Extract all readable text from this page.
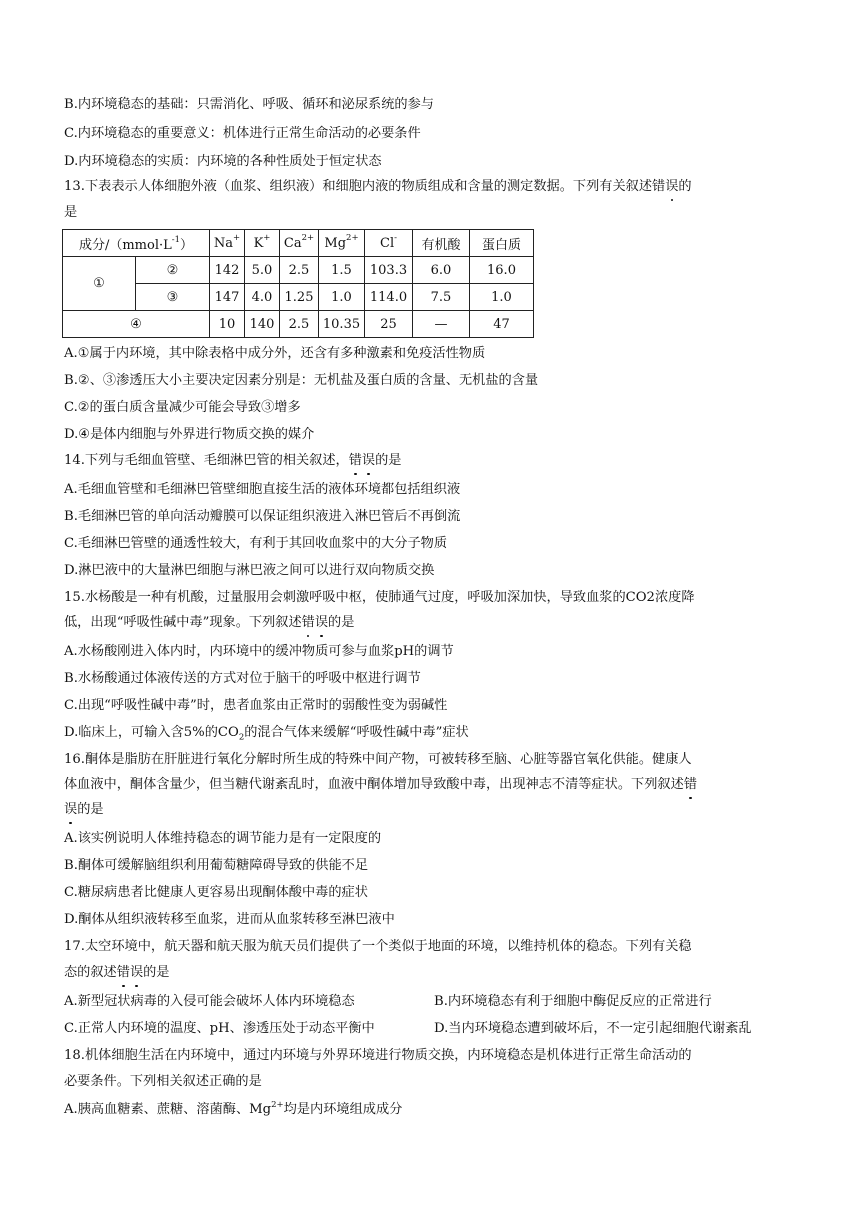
B.内环境稳态的基础：只需消化、呼吸、循环和泌尿系统的参与
C.内环境稳态的重要意义：机体进行正常生命活动的必要条件
D.内环境稳态的实质：内环境的各种性质处于恒定状态
13.下表表示人体细胞外液（血浆、组织液）和细胞内液的物质组成和含量的测定数据。下列有关叙述错误的
是
成分$/(mmol\cdot L^{-1})$		Na+	K+	$Ca^{2+}$	$Mg^{2+}$	Cl-	有机酸	蛋白质
①	②	142	5.0	2.5	1.5	103.3	6.0	16.0
	③	147	4.0	1.25	1.0	114.0	7.5	1.0
④		10	140	2.5	10.35	25	—	47
A.①属于内环境，其中除表格中成分外，还含有多种激素和免疫活性物质
B.②、③渗透压大小主要决定因素分别是：无机盐及蛋白质的含量、无机盐的含量
C.②的蛋白质含量减少可能会导致③增多
D.④是体内细胞与外界进行物质交换的媒介
14.下列与毛细血管壁、毛细淋巴管的相关叙述，错误的是
A.毛细血管壁和毛细淋巴管壁细胞直接生活的液体环境都包括组织液
B.毛细淋巴管的单向活动瓣膜可以保证组织液进入淋巴管后不再倒流
C.毛细淋巴管壁的通透性较大，有利于其回收血浆中的大分子物质
D.淋巴液中的大量淋巴细胞与淋巴液之间可以进行双向物质交换
15.水杨酸是一种有机酸，过量服用会刺激呼吸中枢，使肺通气过度，呼吸加深加快，导致血浆的CO2浓度降
低，出现“呼吸性碱中毒”现象。下列叙述错误的是
A.水杨酸刚进入体内时，内环境中的缓冲物质可参与血浆pH的调节
B.水杨酸通过体液传送的方式对位于脑干的呼吸中枢进行调节
C.出现“呼吸性碱中毒”时，患者血浆由正常时的弱酸性变为弱碱性
D.临床上，可输入含5%的$CO_2$的混合气体来缓解“呼吸性碱中毒”症状
16.酮体是脂肪在肝脏进行氧化分解时所生成的特殊中间产物，可被转移至脑、心脏等器官氧化供能。健康人
体血液中，酮体含量少，但当糖代谢紊乱时，血液中酮体增加导致酸中毒，出现神志不清等症状。下列叙述错
误的是
A.该实例说明人体维持稳态的调节能力是有一定限度的
B.酮体可缓解脑组织利用葡萄糖障碍导致的供能不足
C.糖尿病患者比健康人更容易出现酮体酸中毒的症状
D.酮体从组织液转移至血浆，进而从血浆转移至淋巴液中
17.太空环境中，航天器和航天服为航天员们提供了一个类似于地面的环境，以维持机体的稳态。下列有关稳
态的叙述错误的是
A.新型冠状病毒的入侵可能会破坏人体内环境稳态	B.内环境稳态有利于细胞中酶促反应的正常进行
C.正常人内环境的温度、pH、渗透压处于动态平衡中	D.当内环境稳态遭到破坏后，不一定引起细胞代谢紊乱
18.机体细胞生活在内环境中，通过内环境与外界环境进行物质交换，内环境稳态是机体进行正常生命活动的
必要条件。下列相关叙述正确的是
A.胰高血糖素、蔗糖、溶菌酶、$Mg^{2+}$均是内环境组成成分
